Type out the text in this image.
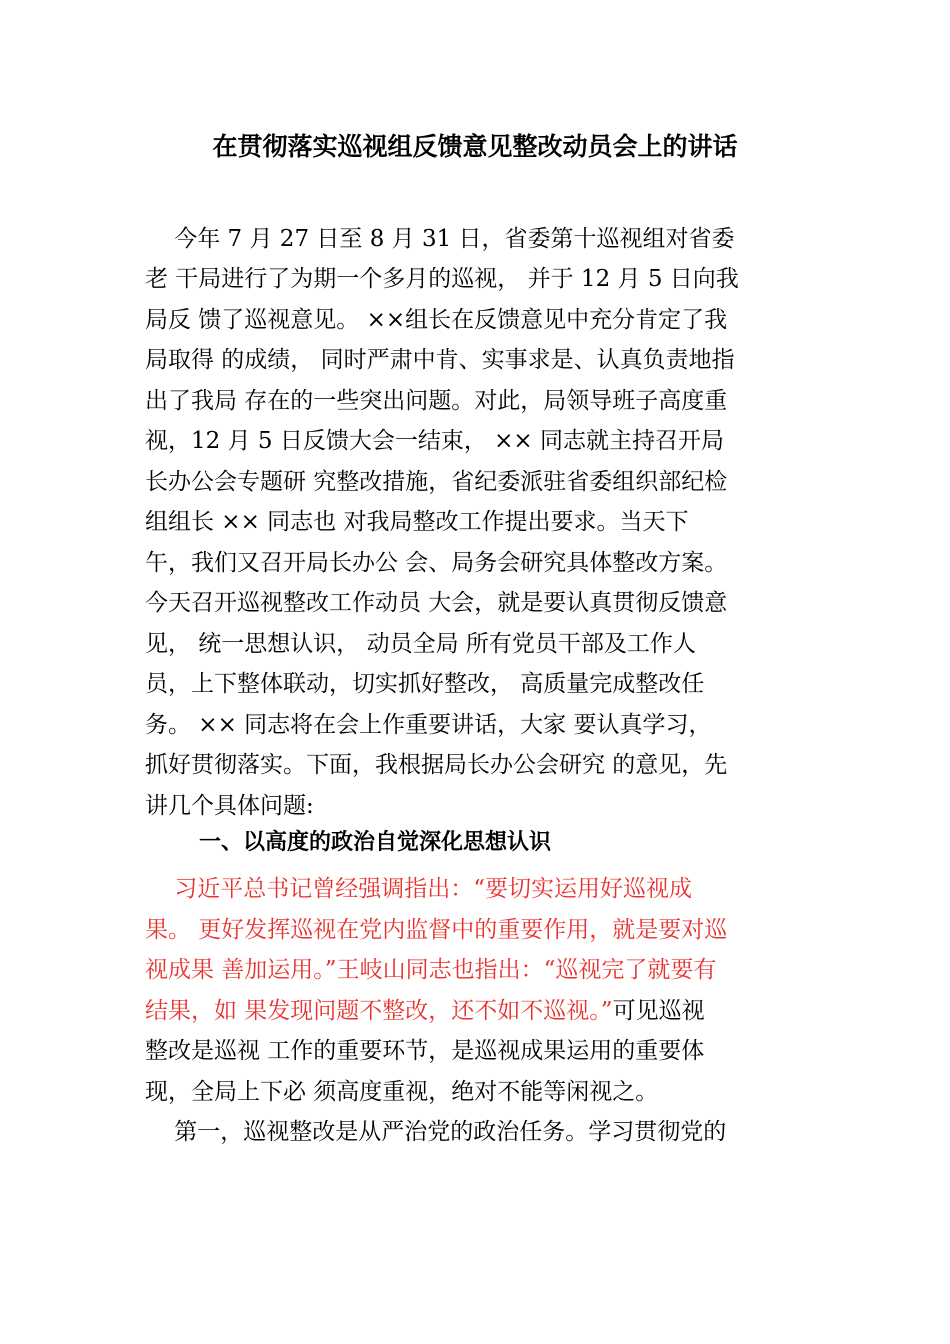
在贯彻落实巡视组反馈意见整改动员会上的讲话
今年 7 月 27 日至 8 月 31 日，省委第十巡视组对省委
老 干局进行了为期一个多月的巡视， 并于 12 月 5 日向我
局反 馈了巡视意见。 ××组长在反馈意见中充分肯定了我
局取得 的成绩， 同时严肃中肯、实事求是、认真负责地指
出了我局 存在的一些突出问题。对此，局领导班子高度重
视，12 月 5 日反馈大会一结束， ×× 同志就主持召开局
长办公会专题研 究整改措施，省纪委派驻省委组织部纪检
组组长 ×× 同志也 对我局整改工作提出要求。当天下
午，我们又召开局长办公 会、局务会研究具体整改方案。
今天召开巡视整改工作动员 大会，就是要认真贯彻反馈意
见， 统一思想认识， 动员全局 所有党员干部及工作人
员，上下整体联动，切实抓好整改， 高质量完成整改任
务。 ×× 同志将在会上作重要讲话，大家 要认真学习，
抓好贯彻落实。下面，我根据局长办公会研究 的意见，先
讲几个具体问题:
一、以高度的政治自觉深化思想认识
习近平总书记曾经强调指出：“要切实运用好巡视成
果。 更好发挥巡视在党内监督中的重要作用，就是要对巡
视成果 善加运用。”王岐山同志也指出：“巡视完了就要有
结果，如 果发现问题不整改，还不如不巡视。”可见巡视
整改是巡视 工作的重要环节，是巡视成果运用的重要体
现，全局上下必 须高度重视，绝对不能等闲视之。
第一，巡视整改是从严治党的政治任务。学习贯彻党的
